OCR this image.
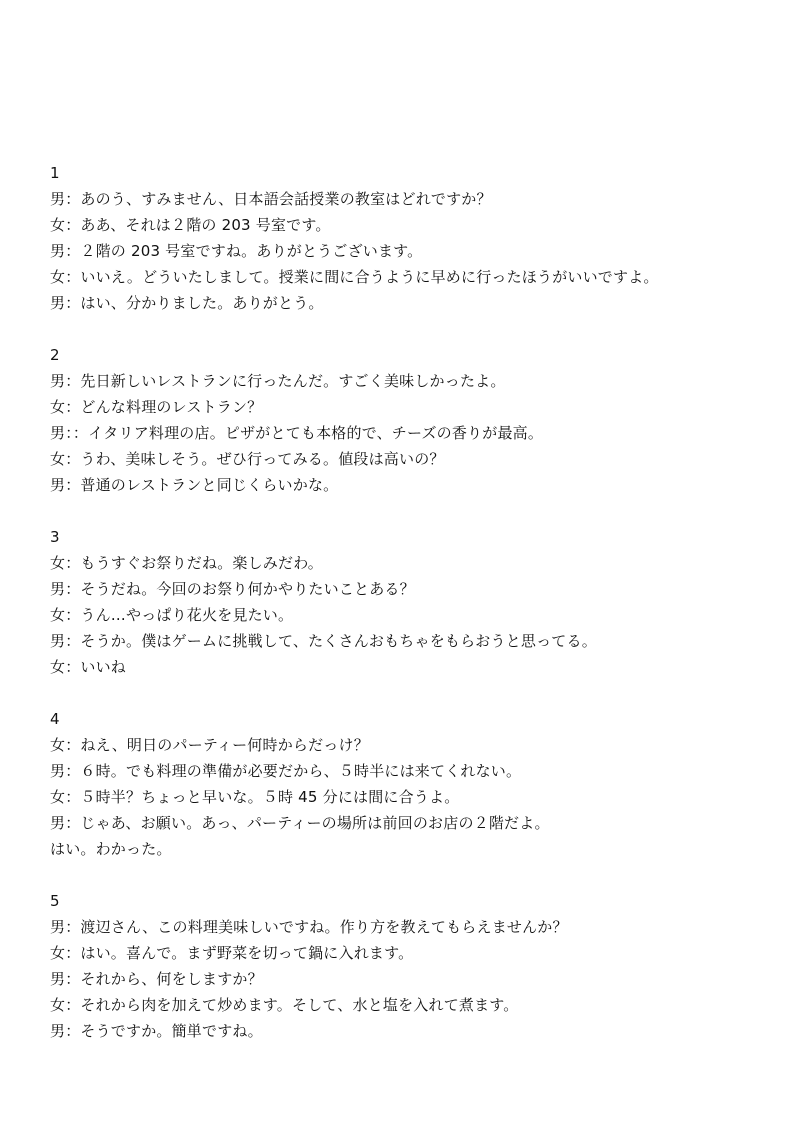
1
男：あのう、すみません、日本語会話授業の教室はどれですか？
女：ああ、それは２階の 203 号室です。
男：２階の 203 号室ですね。ありがとうございます。
女：いいえ。どういたしまして。授業に間に合うように早めに行ったほうがいいですよ。
男：はい、分かりました。ありがとう。
2
男：先日新しいレストランに行ったんだ。すごく美味しかったよ。
女：どんな料理のレストラン？
男：：イタリア料理の店。ピザがとても本格的で、チーズの香りが最高。
女：うわ、美味しそう。ぜひ行ってみる。値段は高いの？
男：普通のレストランと同じくらいかな。
3
女：もうすぐお祭りだね。楽しみだわ。
男：そうだね。今回のお祭り何かやりたいことある？
女：うん…やっぱり花火を見たい。
男：そうか。僕はゲームに挑戦して、たくさんおもちゃをもらおうと思ってる。
女：いいね
4
女：ねえ、明日のパーティー何時からだっけ？
男：６時。でも料理の準備が必要だから、５時半には来てくれない。
女：５時半？ちょっと早いな。５時 45 分には間に合うよ。
男：じゃあ、お願い。あっ、パーティーの場所は前回のお店の２階だよ。
はい。わかった。
5
男：渡辺さん、この料理美味しいですね。作り方を教えてもらえませんか？
女：はい。喜んで。まず野菜を切って鍋に入れます。
男：それから、何をしますか？
女：それから肉を加えて炒めます。そして、水と塩を入れて煮ます。
男：そうですか。簡単ですね。
